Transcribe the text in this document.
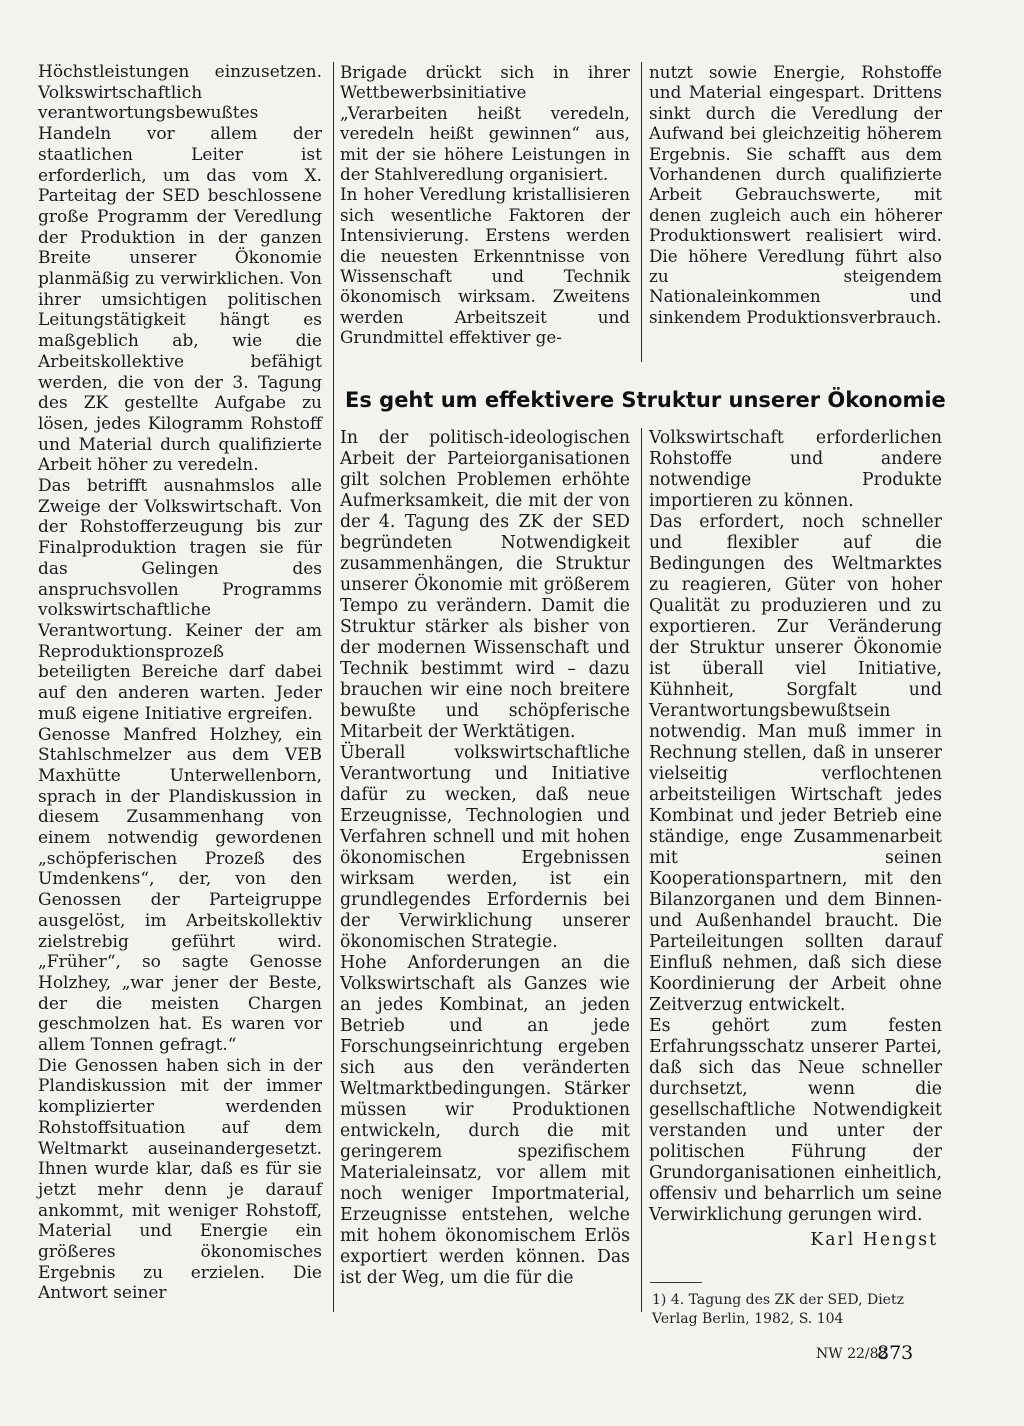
Höchstleistungen einzusetzen. Volkswirtschaftlich verantwortungsbewußtes Handeln vor allem der staatlichen Leiter ist erforderlich, um das vom X. Parteitag der SED beschlossene große Programm der Veredlung der Produktion in der ganzen Breite unserer Ökonomie planmäßig zu verwirklichen. Von ihrer umsichtigen politischen Leitungstätigkeit hängt es maßgeblich ab, wie die Arbeitskollektive befähigt werden, die von der 3. Tagung des ZK gestellte Aufgabe zu lösen, jedes Kilogramm Rohstoff und Material durch qualifizierte Arbeit höher zu veredeln.

Das betrifft ausnahmslos alle Zweige der Volkswirtschaft. Von der Rohstofferzeugung bis zur Finalproduktion tragen sie für das Gelingen des anspruchsvollen Programms volkswirtschaftliche Verantwortung. Keiner der am Reproduktionsprozeß beteiligten Bereiche darf dabei auf den anderen warten. Jeder muß eigene Initiative ergreifen.

Genosse Manfred Holzhey, ein Stahlschmelzer aus dem VEB Maxhütte Unterwellenborn, sprach in der Plandiskussion in diesem Zusammenhang von einem notwendig gewordenen „schöpferischen Prozeß des Umdenkens“, der, von den Genossen der Parteigruppe ausgelöst, im Arbeitskollektiv zielstrebig geführt wird. „Früher“, so sagte Genosse Holzhey, „war jener der Beste, der die meisten Chargen geschmolzen hat. Es waren vor allem Tonnen gefragt.“

Die Genossen haben sich in der Plandiskussion mit der immer komplizierter werdenden Rohstoffsituation auf dem Weltmarkt auseinandergesetzt. Ihnen wurde klar, daß es für sie jetzt mehr denn je darauf ankommt, mit weniger Rohstoff, Material und Energie ein größeres ökonomisches Ergebnis zu erzielen. Die Antwort seiner

Brigade drückt sich in ihrer Wettbewerbsinitiative „Verarbeiten heißt veredeln, veredeln heißt gewinnen“ aus, mit der sie höhere Leistungen in der Stahlveredlung organisiert.

In hoher Veredlung kristallisieren sich wesentliche Faktoren der Intensivierung. Erstens werden die neuesten Erkenntnisse von Wissenschaft und Technik ökonomisch wirksam. Zweitens werden Arbeitszeit und Grundmittel effektiver ge-

nutzt sowie Energie, Rohstoffe und Material eingespart. Drittens sinkt durch die Veredlung der Aufwand bei gleichzeitig höherem Ergebnis. Sie schafft aus dem Vorhandenen durch qualifizierte Arbeit Gebrauchswerte, mit denen zugleich auch ein höherer Produktionswert realisiert wird. Die höhere Veredlung führt also zu steigendem Nationaleinkommen und sinkendem Produktionsverbrauch.

Es geht um effektivere Struktur unserer Ökonomie

In der politisch-ideologischen Arbeit der Parteiorganisationen gilt solchen Problemen erhöhte Aufmerksamkeit, die mit der von der 4. Tagung des ZK der SED begründeten Notwendigkeit zusammenhängen, die Struktur unserer Ökonomie mit größerem Tempo zu verändern. Damit die Struktur stärker als bisher von der modernen Wissenschaft und Technik bestimmt wird – dazu brauchen wir eine noch breitere bewußte und schöpferische Mitarbeit der Werktätigen.

Überall volkswirtschaftliche Verantwortung und Initiative dafür zu wecken, daß neue Erzeugnisse, Technologien und Verfahren schnell und mit hohen ökonomischen Ergebnissen wirksam werden, ist ein grundlegendes Erfordernis bei der Verwirklichung unserer ökonomischen Strategie.

Hohe Anforderungen an die Volkswirtschaft als Ganzes wie an jedes Kombinat, an jeden Betrieb und an jede Forschungseinrichtung ergeben sich aus den veränderten Weltmarktbedingungen. Stärker müssen wir Produktionen entwickeln, durch die mit geringerem spezifischem Materialeinsatz, vor allem mit noch weniger Importmaterial, Erzeugnisse entstehen, welche mit hohem ökonomischem Erlös exportiert werden können. Das ist der Weg, um die für die

Volkswirtschaft erforderlichen Rohstoffe und andere notwendige Produkte importieren zu können.

Das erfordert, noch schneller und flexibler auf die Bedingungen des Weltmarktes zu reagieren, Güter von hoher Qualität zu produzieren und zu exportieren. Zur Veränderung der Struktur unserer Ökonomie ist überall viel Initiative, Kühnheit, Sorgfalt und Verantwortungsbewußtsein notwendig. Man muß immer in Rechnung stellen, daß in unserer vielseitig verflochtenen arbeitsteiligen Wirtschaft jedes Kombinat und jeder Betrieb eine ständige, enge Zusammenarbeit mit seinen Kooperationspartnern, mit den Bilanzorganen und dem Binnen- und Außenhandel braucht. Die Parteileitungen sollten darauf Einfluß nehmen, daß sich diese Koordinierung der Arbeit ohne Zeitverzug entwickelt.

Es gehört zum festen Erfahrungsschatz unserer Partei, daß sich das Neue schneller durchsetzt, wenn die gesellschaftliche Notwendigkeit verstanden und unter der politischen Führung der Grundorganisationen einheitlich, offensiv und beharrlich um seine Verwirklichung gerungen wird.

Karl Hengst

1) 4. Tagung des ZK der SED, Dietz Verlag Berlin, 1982, S. 104
NW 22/82
873
